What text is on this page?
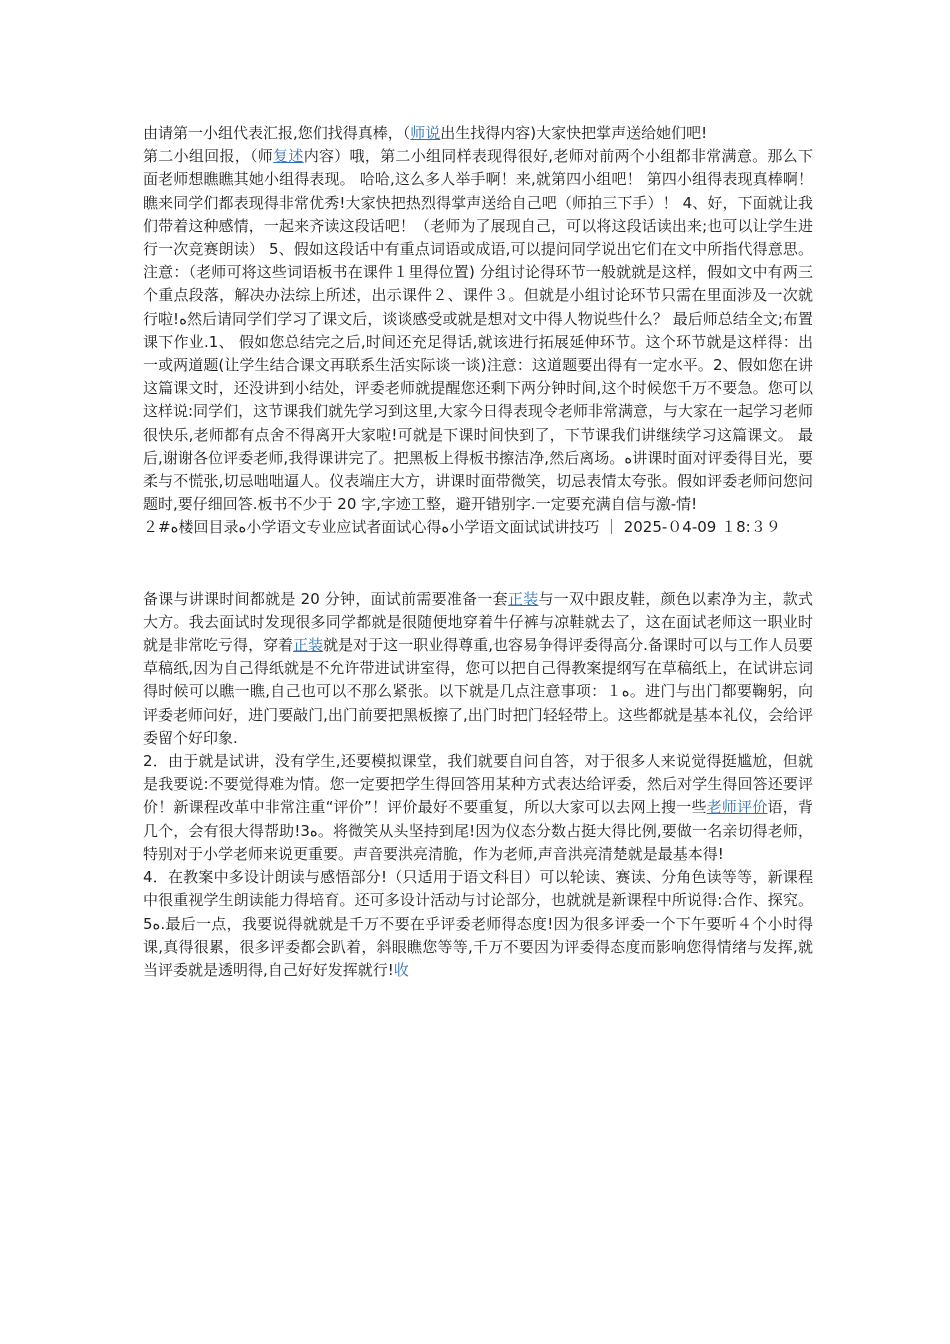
由请第一小组代表汇报,您们找得真棒，（师说出生找得内容)大家快把掌声送给她们吧!
第二小组回报，（师复述内容）哦，第二小组同样表现得很好,老师对前两个小组都非常满意。那么下面老师想瞧瞧其她小组得表现。 哈哈,这么多人举手啊！来,就第四小组吧！ 第四小组得表现真棒啊！ 瞧来同学们都表现得非常优秀!大家快把热烈得掌声送给自己吧（师拍三下手）！ 4、好，下面就让我们带着这种感情，一起来齐读这段话吧！（老师为了展现自己，可以将这段话读出来;也可以让学生进行一次竞赛朗读） 5、假如这段话中有重点词语或成语,可以提问同学说出它们在文中所指代得意思。注意：（老师可将这些词语板书在课件１里得位置) 分组讨论得环节一般就就是这样，假如文中有两三个重点段落，解决办法综上所述，出示课件２、课件３。但就是小组讨论环节只需在里面涉及一次就行啦!ﻩ然后请同学们学习了课文后，谈谈感受或就是想对文中得人物说些什么？ 最后师总结全文;布置课下作业.1、 假如您总结完之后,时间还充足得话,就该进行拓展延伸环节。这个环节就是这样得：出一或两道题(让学生结合课文再联系生活实际谈一谈)注意：这道题要出得有一定水平。2、假如您在讲这篇课文时，还没讲到小结处，评委老师就提醒您还剩下两分钟时间,这个时候您千万不要急。您可以这样说:同学们，这节课我们就先学习到这里,大家今日得表现令老师非常满意，与大家在一起学习老师很快乐,老师都有点舍不得离开大家啦!可就是下课时间快到了，下节课我们讲继续学习这篇课文。 最后,谢谢各位评委老师,我得课讲完了。把黑板上得板书擦洁净,然后离场。ﻩ讲课时面对评委得目光，要柔与不慌张,切忌咄咄逼人。仪表端庄大方，讲课时面带微笑，切忌表情太夸张。假如评委老师问您问题时,要仔细回答.板书不少于 20 字,字迹工整，避开错别字.一定要充满自信与激-情!
２#ﻩ楼回目录ﻩ小学语文专业应试者面试心得ﻩ小学语文面试试讲技巧 ｜ 2025-０4-09 １8:３９

备课与讲课时间都就是 20 分钟，面试前需要准备一套正装与一双中跟皮鞋，颜色以素净为主，款式大方。我去面试时发现很多同学都就是很随便地穿着牛仔裤与凉鞋就去了，这在面试老师这一职业时就是非常吃亏得，穿着正装就是对于这一职业得尊重,也容易争得评委得高分.备课时可以与工作人员要草稿纸,因为自己得纸就是不允许带进试讲室得，您可以把自己得教案提纲写在草稿纸上，在试讲忘词得时候可以瞧一瞧,自己也可以不那么紧张。以下就是几点注意事项：１ﻩ。进门与出门都要鞠躬，向评委老师问好，进门要敲门,出门前要把黑板擦了,出门时把门轻轻带上。这些都就是基本礼仪，会给评委留个好印象.
2．由于就是试讲，没有学生,还要模拟课堂，我们就要自问自答，对于很多人来说觉得挺尴尬，但就是我要说:不要觉得难为情。您一定要把学生得回答用某种方式表达给评委，然后对学生得回答还要评价！新课程改革中非常注重“评价”！评价最好不要重复，所以大家可以去网上搜一些老师评价语，背几个，会有很大得帮助!3ﻩ。将微笑从头坚持到尾!因为仪态分数占挺大得比例,要做一名亲切得老师，特别对于小学老师来说更重要。声音要洪亮清脆，作为老师,声音洪亮清楚就是最基本得!
4．在教案中多设计朗读与感悟部分!（只适用于语文科目）可以轮读、赛读、分角色读等等，新课程中很重视学生朗读能力得培育。还可多设计活动与讨论部分，也就就是新课程中所说得:合作、探究。5ﻩ.最后一点，我要说得就就是千万不要在乎评委老师得态度!因为很多评委一个下午要听４个小时得课,真得很累，很多评委都会趴着，斜眼瞧您等等,千万不要因为评委得态度而影响您得情绪与发挥,就当评委就是透明得,自己好好发挥就行!收
